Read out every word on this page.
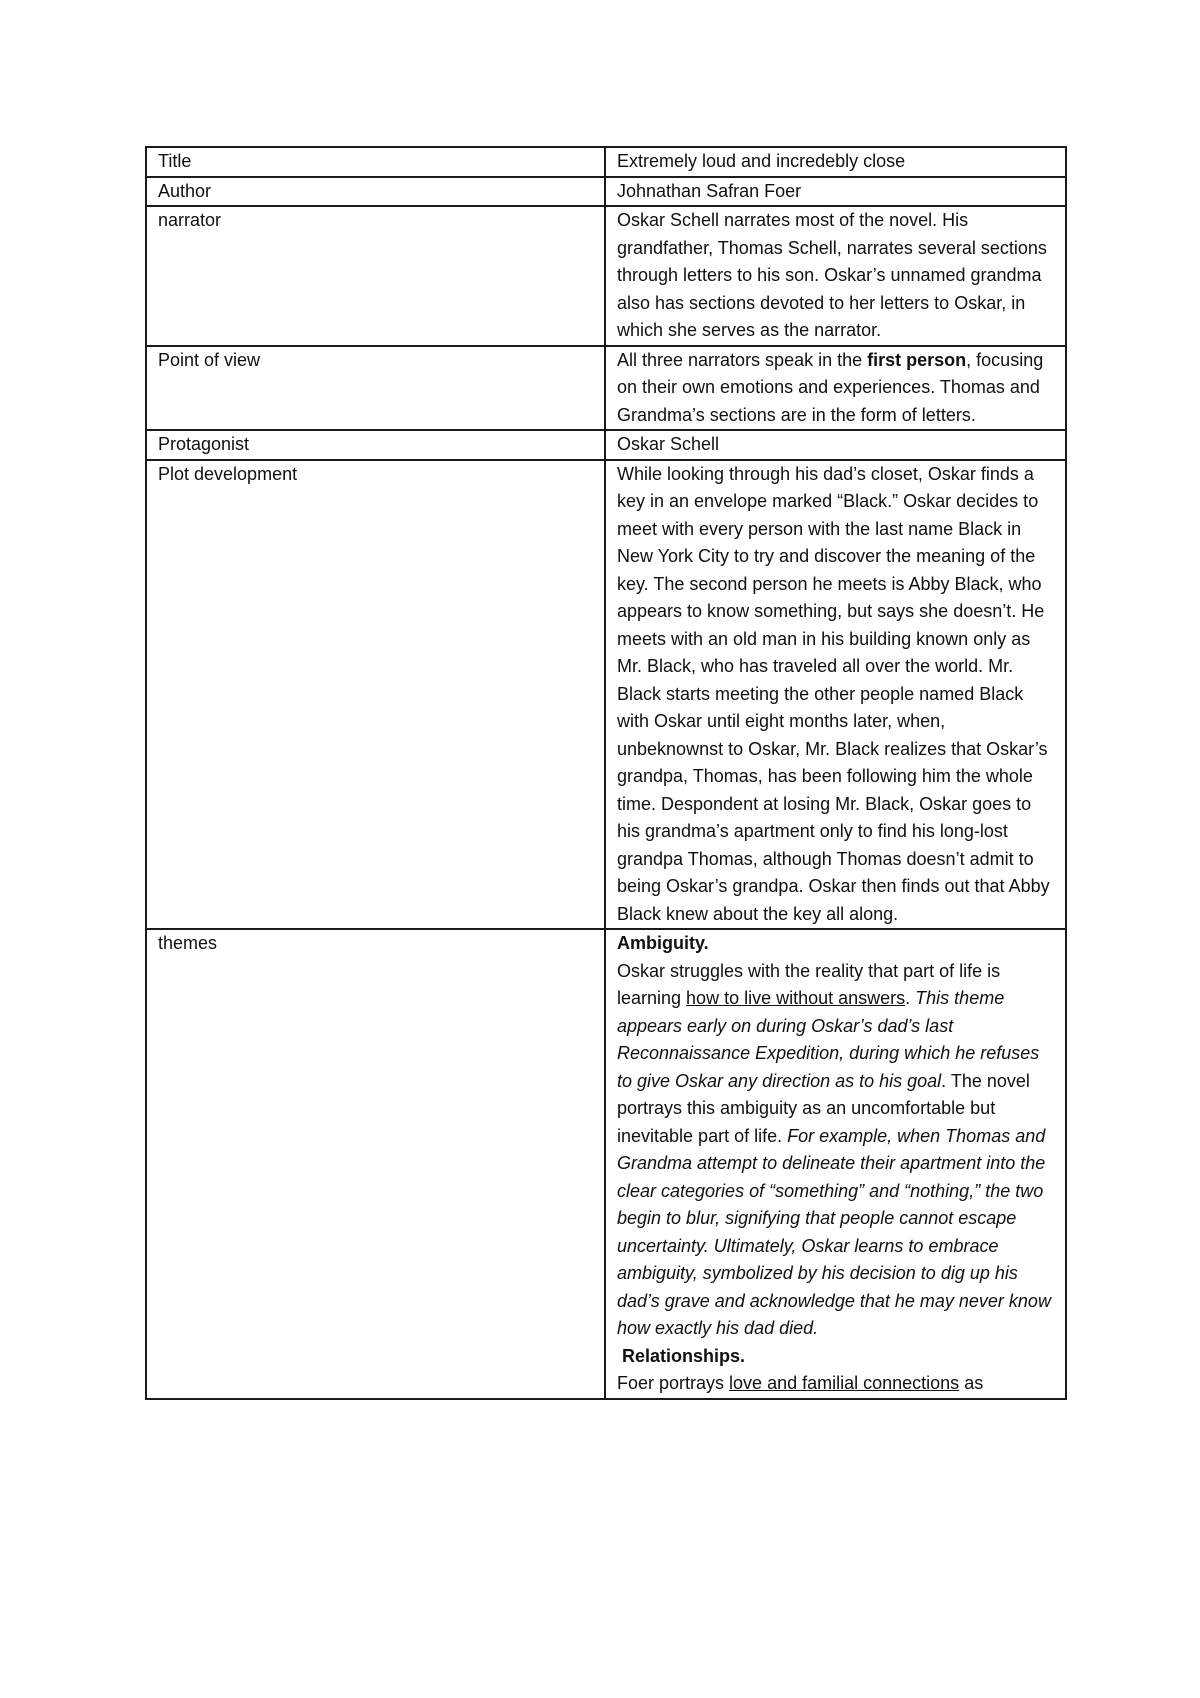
Title	Extremely loud and incredebly close
Author	Johnathan Safran Foer
narrator	Oskar Schell narrates most of the novel. His grandfather, Thomas Schell, narrates several sections through letters to his son. Oskar’s unnamed grandma also has sections devoted to her letters to Oskar, in which she serves as the narrator.
Point of view	All three narrators speak in the first person, focusing on their own emotions and experiences. Thomas and Grandma’s sections are in the form of letters.
Protagonist	Oskar Schell
Plot development	While looking through his dad’s closet, Oskar finds a key in an envelope marked “Black.” Oskar decides to meet with every person with the last name Black in New York City to try and discover the meaning of the key. The second person he meets is Abby Black, who appears to know something, but says she doesn’t. He meets with an old man in his building known only as Mr. Black, who has traveled all over the world. Mr. Black starts meeting the other people named Black with Oskar until eight months later, when, unbeknownst to Oskar, Mr. Black realizes that Oskar’s grandpa, Thomas, has been following him the whole time. Despondent at losing Mr. Black, Oskar goes to his grandma’s apartment only to find his long-lost grandpa Thomas, although Thomas doesn’t admit to being Oskar’s grandpa. Oskar then finds out that Abby Black knew about the key all along.
themes	Ambiguity.
Oskar struggles with the reality that part of life is learning how to live without answers. This theme appears early on during Oskar’s dad’s last Reconnaissance Expedition, during which he refuses to give Oskar any direction as to his goal. The novel portrays this ambiguity as an uncomfortable but inevitable part of life. For example, when Thomas and Grandma attempt to delineate their apartment into the clear categories of “something” and “nothing,” the two begin to blur, signifying that people cannot escape uncertainty. Ultimately, Oskar learns to embrace ambiguity, symbolized by his decision to dig up his dad’s grave and acknowledge that he may never know how exactly his dad died.
Relationships.
Foer portrays love and familial connections as
